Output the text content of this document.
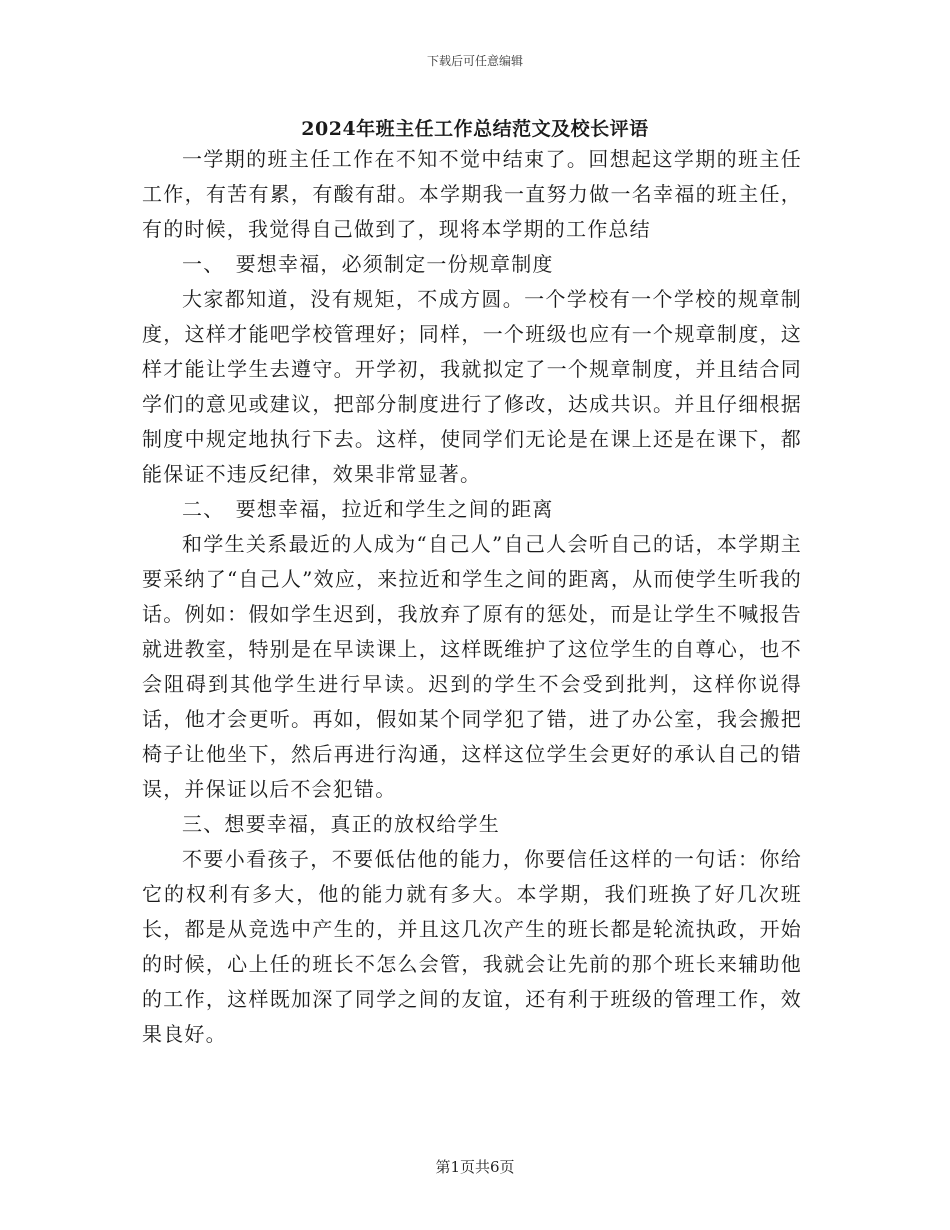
下载后可任意编辑
2024年班主任工作总结范文及校长评语

一学期的班主任工作在不知不觉中结束了。回想起这学期的班主任工作，有苦有累，有酸有甜。本学期我一直努力做一名幸福的班主任，有的时候，我觉得自己做到了，现将本学期的工作总结

一、　要想幸福，必须制定一份规章制度

大家都知道，没有规矩，不成方圆。一个学校有一个学校的规章制度，这样才能吧学校管理好；同样，一个班级也应有一个规章制度，这样才能让学生去遵守。开学初，我就拟定了一个规章制度，并且结合同学们的意见或建议，把部分制度进行了修改，达成共识。并且仔细根据制度中规定地执行下去。这样，使同学们无论是在课上还是在课下，都能保证不违反纪律，效果非常显著。

二、　要想幸福，拉近和学生之间的距离

和学生关系最近的人成为“自己人”自己人会听自己的话，本学期主要采纳了“自己人”效应，来拉近和学生之间的距离，从而使学生听我的话。例如：假如学生迟到，我放弃了原有的惩处，而是让学生不喊报告就进教室，特别是在早读课上，这样既维护了这位学生的自尊心，也不会阻碍到其他学生进行早读。迟到的学生不会受到批判，这样你说得话，他才会更听。再如，假如某个同学犯了错，进了办公室，我会搬把椅子让他坐下，然后再进行沟通，这样这位学生会更好的承认自己的错误，并保证以后不会犯错。

三、想要幸福，真正的放权给学生

不要小看孩子，不要低估他的能力，你要信任这样的一句话：你给它的权利有多大，他的能力就有多大。本学期，我们班换了好几次班长，都是从竞选中产生的，并且这几次产生的班长都是轮流执政，开始的时候，心上任的班长不怎么会管，我就会让先前的那个班长来辅助他的工作，这样既加深了同学之间的友谊，还有利于班级的管理工作，效果良好。

第1页共6页
